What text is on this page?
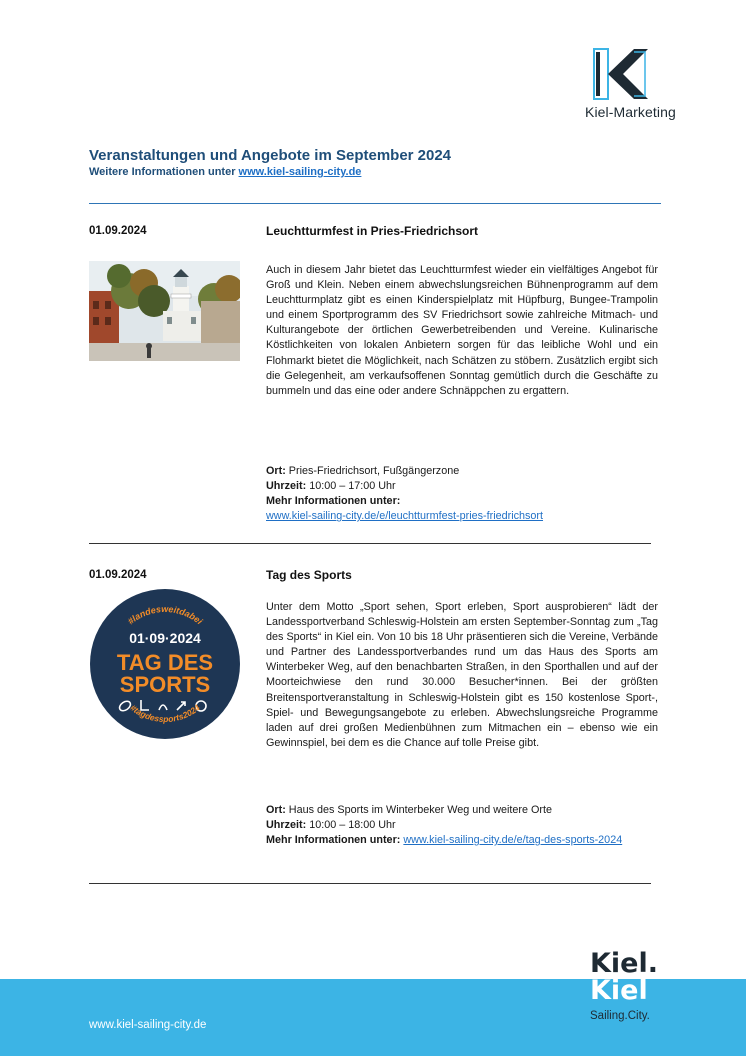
Kiel-Marketing
Veranstaltungen und Angebote im September 2024
Weitere Informationen unter www.kiel-sailing-city.de
01.09.2024	Leuchtturmfest in Pries-Friedrichsort
Auch in diesem Jahr bietet das Leuchtturmfest wieder ein vielfältiges Angebot für Groß und Klein. Neben einem abwechslungsreichen Bühnenprogramm auf dem Leuchtturmplatz gibt es einen Kinderspielplatz mit Hüpfburg, Bungee-Trampolin und einem Sportprogramm des SV Friedrichsort sowie zahlreiche Mitmach- und Kulturangebote der örtlichen Gewerbetreibenden und Vereine. Kulinarische Köstlichkeiten von lokalen Anbietern sorgen für das leibliche Wohl und ein Flohmarkt bietet die Möglichkeit, nach Schätzen zu stöbern. Zusätzlich ergibt sich die Gelegenheit, am verkaufsoffenen Sonntag gemütlich durch die Geschäfte zu bummeln und das eine oder andere Schnäppchen zu ergattern.
Ort: Pries-Friedrichsort, Fußgängerzone
Uhrzeit: 10:00 – 17:00 Uhr
Mehr Informationen unter:
www.kiel-sailing-city.de/e/leuchtturmfest-pries-friedrichsort
01.09.2024	Tag des Sports
#landesweitdabei
01·09·2024
TAG DES
SPORTS
#tagdessports2024
Unter dem Motto „Sport sehen, Sport erleben, Sport ausprobieren“ lädt der Landessportverband Schleswig-Holstein am ersten September-Sonntag zum „Tag des Sports“ in Kiel ein. Von 10 bis 18 Uhr präsentieren sich die Vereine, Verbände und Partner des Landessportverbandes rund um das Haus des Sports am Winterbeker Weg, auf den benachbarten Straßen, in den Sporthallen und auf der Moorteichwiese den rund 30.000 Besucher*innen. Bei der größten Breitensportveranstaltung in Schleswig-Holstein gibt es 150 kostenlose Sport-, Spiel- und Bewegungsangebote zu erleben. Abwechslungsreiche Programme laden auf drei großen Medienbühnen zum Mitmachen ein – ebenso wie ein Gewinnspiel, bei dem es die Chance auf tolle Preise gibt.
Ort: Haus des Sports im Winterbeker Weg und weitere Orte
Uhrzeit: 10:00 – 18:00 Uhr
Mehr Informationen unter: www.kiel-sailing-city.de/e/tag-des-sports-2024
www.kiel-sailing-city.de
Kiel.
Kiel
Sailing.City.
